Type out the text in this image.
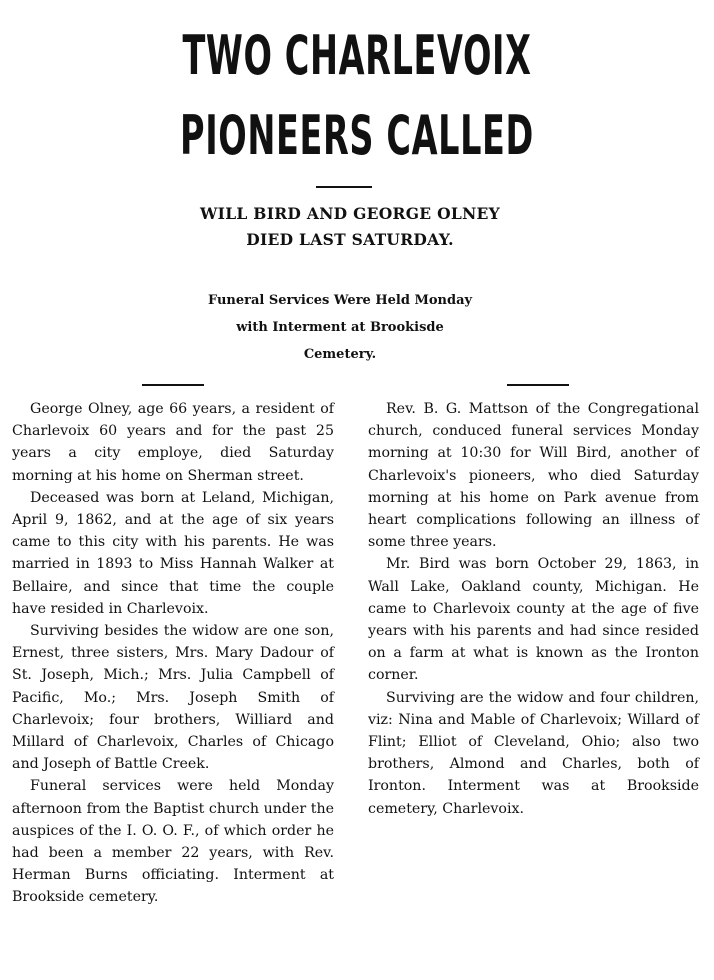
TWO CHARLEVOIX
PIONEERS CALLED
WILL BIRD AND GEORGE OLNEY
DIED LAST SATURDAY.
Funeral Services Were Held Monday
with Interment at Brookisde
Cemetery.

George Olney, age 66 years, a resident of Charlevoix 60 years and for the past 25 years a city employe, died Saturday morning at his home on Sherman street.

Deceased was born at Leland, Michigan, April 9, 1862, and at the age of six years came to this city with his parents. He was married in 1893 to Miss Hannah Walker at Bellaire, and since that time the couple have resided in Charlevoix.

Surviving besides the widow are one son, Ernest, three sisters, Mrs. Mary Dadour of St. Joseph, Mich.; Mrs. Julia Campbell of Pacific, Mo.; Mrs. Joseph Smith of Charlevoix; four brothers, Williard and Millard of Charlevoix, Charles of Chicago and Joseph of Battle Creek.

Funeral services were held Monday afternoon from the Baptist church under the auspices of the I. O. O. F., of which order he had been a member 22 years, with Rev. Herman Burns officiating. Interment at Brookside cemetery.

Rev. B. G. Mattson of the Congregational church, conduced funeral services Monday morning at 10:30 for Will Bird, another of Charlevoix's pioneers, who died Saturday morning at his home on Park avenue from heart complications following an illness of some three years.

Mr. Bird was born October 29, 1863, in Wall Lake, Oakland county, Michigan. He came to Charlevoix county at the age of five years with his parents and had since resided on a farm at what is known as the Ironton corner.

Surviving are the widow and four children, viz: Nina and Mable of Charlevoix; Willard of Flint; Elliot of Cleveland, Ohio; also two brothers, Almond and Charles, both of Ironton. Interment was at Brookside cemetery, Charlevoix.
